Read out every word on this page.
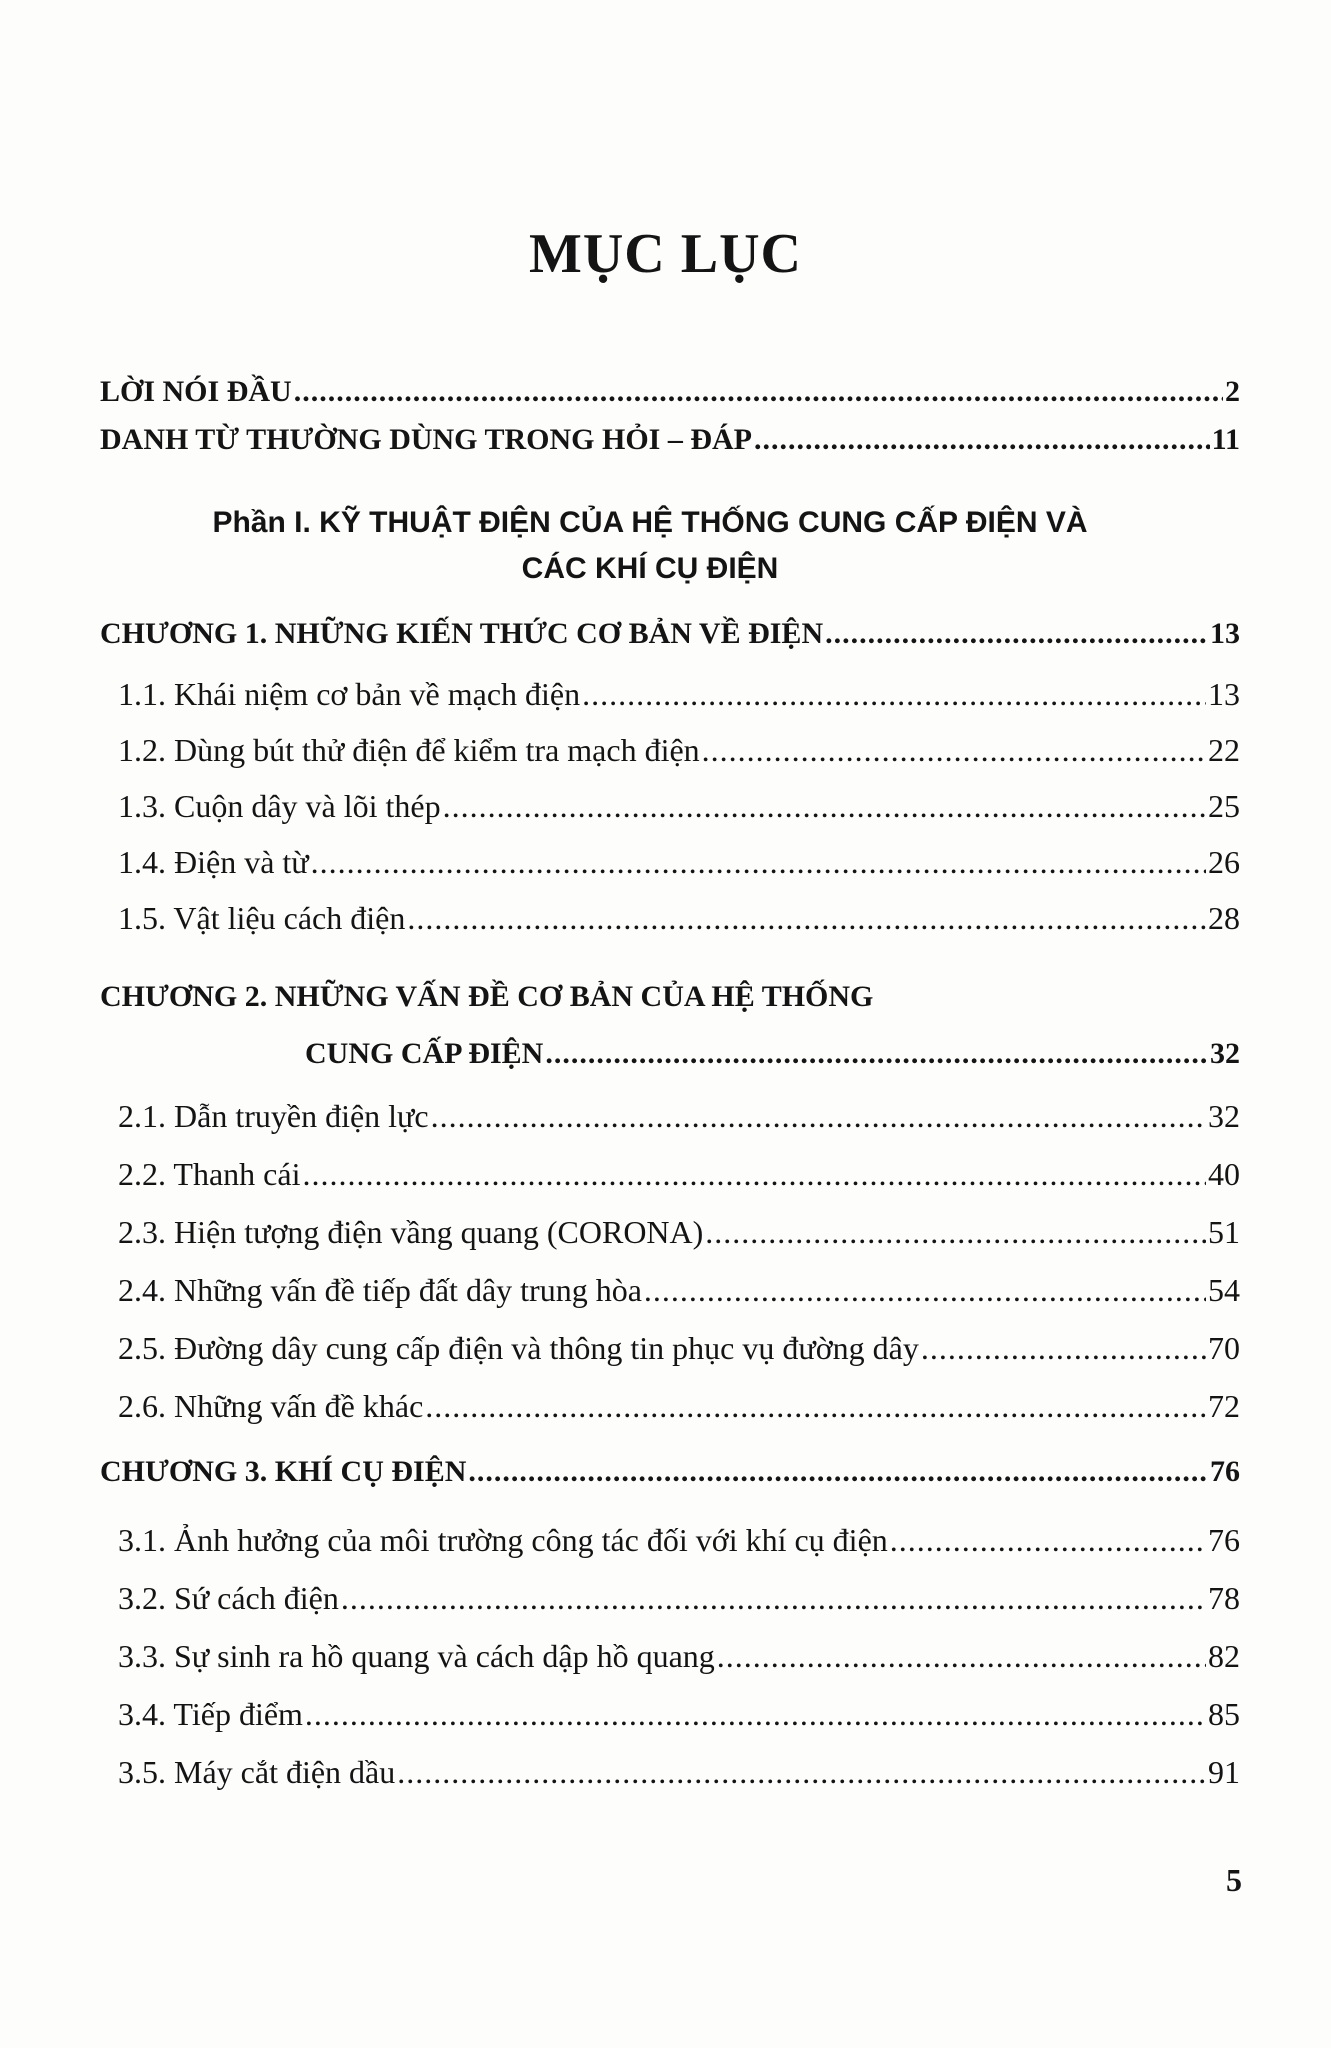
MỤC LỤC
LỜI NÓI ĐẦU .....	2
DANH TỪ THƯỜNG DÙNG TRONG HỎI – ĐÁP .....	11
Phần I. KỸ THUẬT ĐIỆN CỦA HỆ THỐNG CUNG CẤP ĐIỆN VÀ
CÁC KHÍ CỤ ĐIỆN
CHƯƠNG 1. NHỮNG KIẾN THỨC CƠ BẢN VỀ ĐIỆN .....	13
1.1. Khái niệm cơ bản về mạch điện .....	13
1.2. Dùng bút thử điện để kiểm tra mạch điện .....	22
1.3. Cuộn dây và lõi thép .....	25
1.4. Điện và từ .....	26
1.5. Vật liệu cách điện .....	28
CHƯƠNG 2. NHỮNG VẤN ĐỀ CƠ BẢN CỦA HỆ THỐNG
CUNG CẤP ĐIỆN .....	32
2.1. Dẫn truyền điện lực .....	32
2.2. Thanh cái .....	40
2.3. Hiện tượng điện vầng quang (CORONA) .....	51
2.4. Những vấn đề tiếp đất dây trung hòa .....	54
2.5. Đường dây cung cấp điện và thông tin phục vụ đường dây .....	70
2.6. Những vấn đề khác .....	72
CHƯƠNG 3. KHÍ CỤ ĐIỆN .....	76
3.1. Ảnh hưởng của môi trường công tác đối với khí cụ điện .....	76
3.2. Sứ cách điện .....	78
3.3. Sự sinh ra hồ quang và cách dập hồ quang .....	82
3.4. Tiếp điểm .....	85
3.5. Máy cắt điện dầu .....	91
5
